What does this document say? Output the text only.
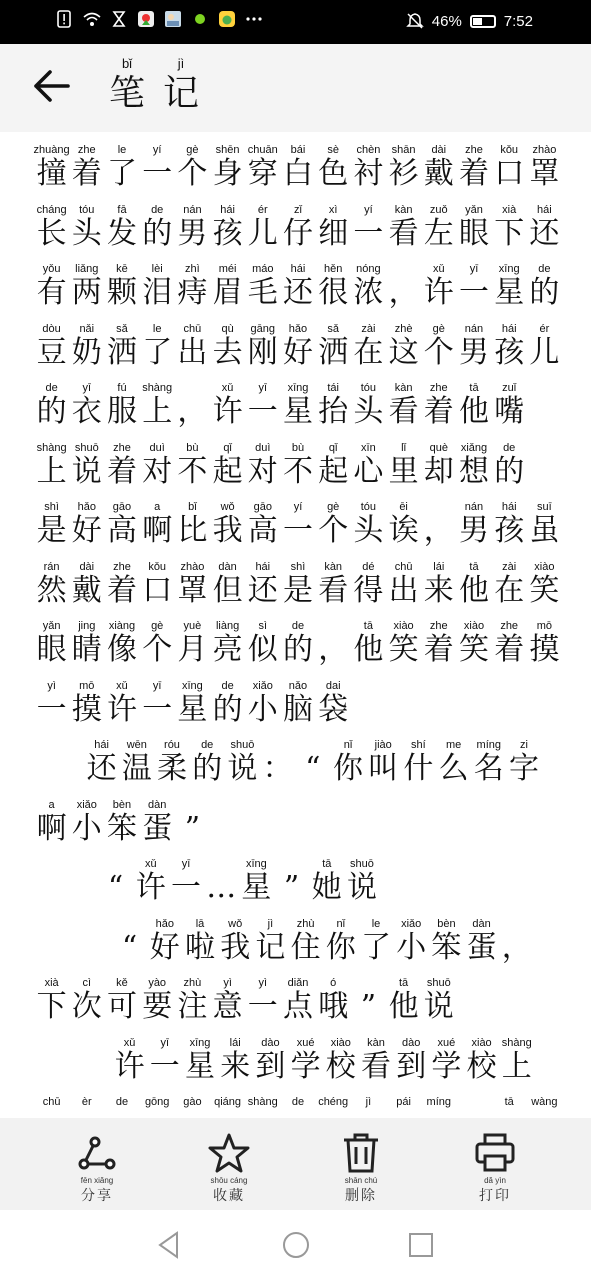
46%	7:52
bǐ
笔
jì
记
zhuàng
撞
zhe
着
le
了
yí
一
gè
个
shēn
身
chuān
穿
bái
白
sè
色
chèn
衬
shān
衫
dài
戴
zhe
着
kǒu
口
zhào
罩
cháng
长
tóu
头
fā
发
de
的
nán
男
hái
孩
ér
儿
zǐ
仔
xì
细
yí
一
kàn
看
zuǒ
左
yǎn
眼
xià
下
hái
还
yǒu
有
liǎng
两
kē
颗
lèi
泪
zhì
痔
méi
眉
máo
毛
hái
还
hěn
很
nóng
浓 ，
xǔ
许
yī
一
xīng
星
de
的
dòu
豆
nǎi
奶
sǎ
洒
le
了
chū
出
qù
去
gāng
刚
hǎo
好
sǎ
洒
zài
在
zhè
这
gè
个
nán
男
hái
孩
ér
儿
de
的
yī
衣
fú
服
shàng
上 ，
xǔ
许
yī
一
xīng
星
tái
抬
tóu
头
kàn
看
zhe
着
tā
他
zuǐ
嘴
shàng
上
shuō
说
zhe
着
duì
对
bù
不
qǐ
起
duì
对
bù
不
qǐ
起
xīn
心
lǐ
里
què
却
xiǎng
想
de
的
shì
是
hǎo
好
gāo
高
a
啊
bǐ
比
wǒ
我
gāo
高
yí
一
gè
个
tóu
头
ēi
诶 ，
nán
男
hái
孩
suī
虽
rán
然
dài
戴
zhe
着
kǒu
口
zhào
罩
dàn
但
hái
还
shì
是
kàn
看
dé
得
chū
出
lái
来
tā
他
zài
在
xiào
笑
yǎn
眼
jing
睛
xiàng
像
gè
个
yuè
月
liàng
亮
sì
似
de
的 ，
tā
他
xiào
笑
zhe
着
xiào
笑
zhe
着
mō
摸
yì
一
mō
摸
xǔ
许
yī
一
xīng
星
de
的
xiǎo
小
nǎo
脑
dai
袋
hái
还
wēn
温
róu
柔
de
的
shuō
说 ： “
nǐ
你
jiào
叫
shí
什
me
么
míng
名
zi
字
a
啊
xiǎo
小
bèn
笨
dàn
蛋 ”
“
xǔ
许
yī
一 …
xīng
星 ”
tā
她
shuō
说
“
hǎo
好
lā
啦
wǒ
我
jì
记
zhù
住
nǐ
你
le
了
xiǎo
小
bèn
笨
dàn
蛋 ，
xià
下
cì
次
kě
可
yào
要
zhù
注
yì
意
yì
一
diǎn
点
ó
哦 ”
tā
他
shuō
说
xǔ
许
yī
一
xīng
星
lái
来
dào
到
xué
学
xiào
校
kàn
看
dào
到
xué
学
xiào
校
shàng
上
chū èr de gōng gào qiáng shàng de chéng jì pái míng	tā wàng
fēn xiǎng
分享
shōu cáng
收藏
shān chú
删除
dǎ yìn
打印
